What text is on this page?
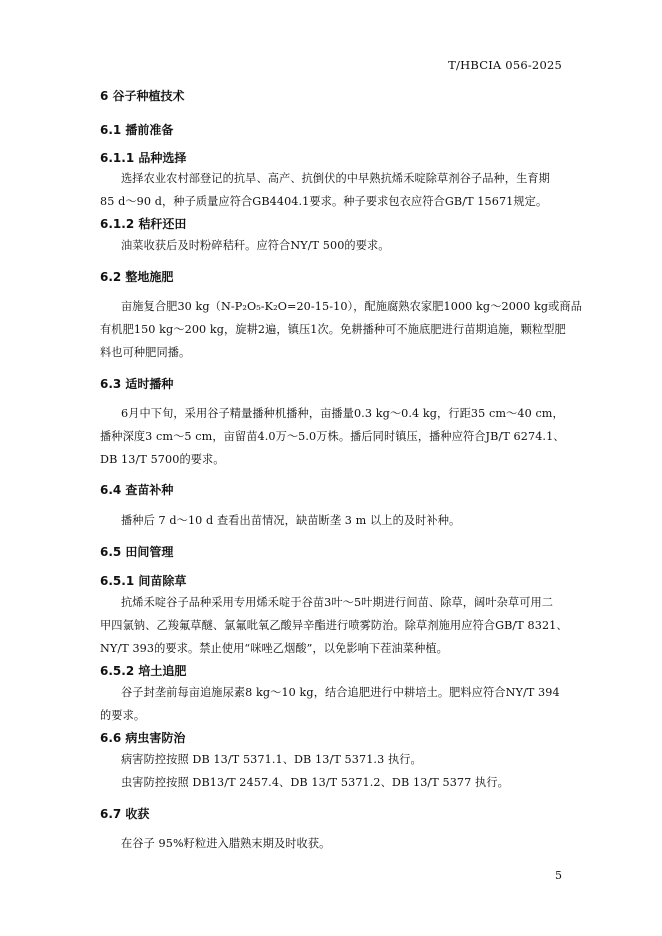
T/HBCIA 056-2025
6 谷子种植技术
6.1 播前准备
6.1.1 品种选择
选择农业农村部登记的抗旱、高产、抗倒伏的中早熟抗烯禾啶除草剂谷子品种，生育期
85 d～90 d，种子质量应符合GB4404.1要求。种子要求包衣应符合GB/T 15671规定。
6.1.2 秸秆还田
油菜收获后及时粉碎秸秆。应符合NY/T 500的要求。
6.2 整地施肥
亩施复合肥30 kg（N-P₂O₅-K₂O=20-15-10），配施腐熟农家肥1000 kg～2000 kg或商品
有机肥150 kg～200 kg，旋耕2遍，镇压1次。免耕播种可不施底肥进行苗期追施，颗粒型肥
料也可种肥同播。
6.3 适时播种
6月中下旬，采用谷子精量播种机播种，亩播量0.3 kg～0.4 kg，行距35 cm～40 cm，
播种深度3 cm～5 cm，亩留苗4.0万～5.0万株。播后同时镇压，播种应符合JB/T 6274.1、
DB 13/T 5700的要求。
6.4 查苗补种
播种后 7 d～10 d 查看出苗情况，缺苗断垄 3 m 以上的及时补种。
6.5 田间管理
6.5.1 间苗除草
抗烯禾啶谷子品种采用专用烯禾啶于谷苗3叶～5叶期进行间苗、除草，阔叶杂草可用二
甲四氯钠、乙羧氟草醚、氯氟吡氧乙酸异辛酯进行喷雾防治。除草剂施用应符合GB/T 8321、
NY/T 393的要求。禁止使用“咪唑乙烟酸”，以免影响下茬油菜种植。
6.5.2 培土追肥
谷子封垄前每亩追施尿素8 kg～10 kg，结合追肥进行中耕培土。肥料应符合NY/T 394
的要求。
6.6 病虫害防治
病害防控按照 DB 13/T 5371.1、DB 13/T 5371.3 执行。
虫害防控按照 DB13/T 2457.4、DB 13/T 5371.2、DB 13/T 5377 执行。
6.7 收获
在谷子 95%籽粒进入腊熟末期及时收获。
5
